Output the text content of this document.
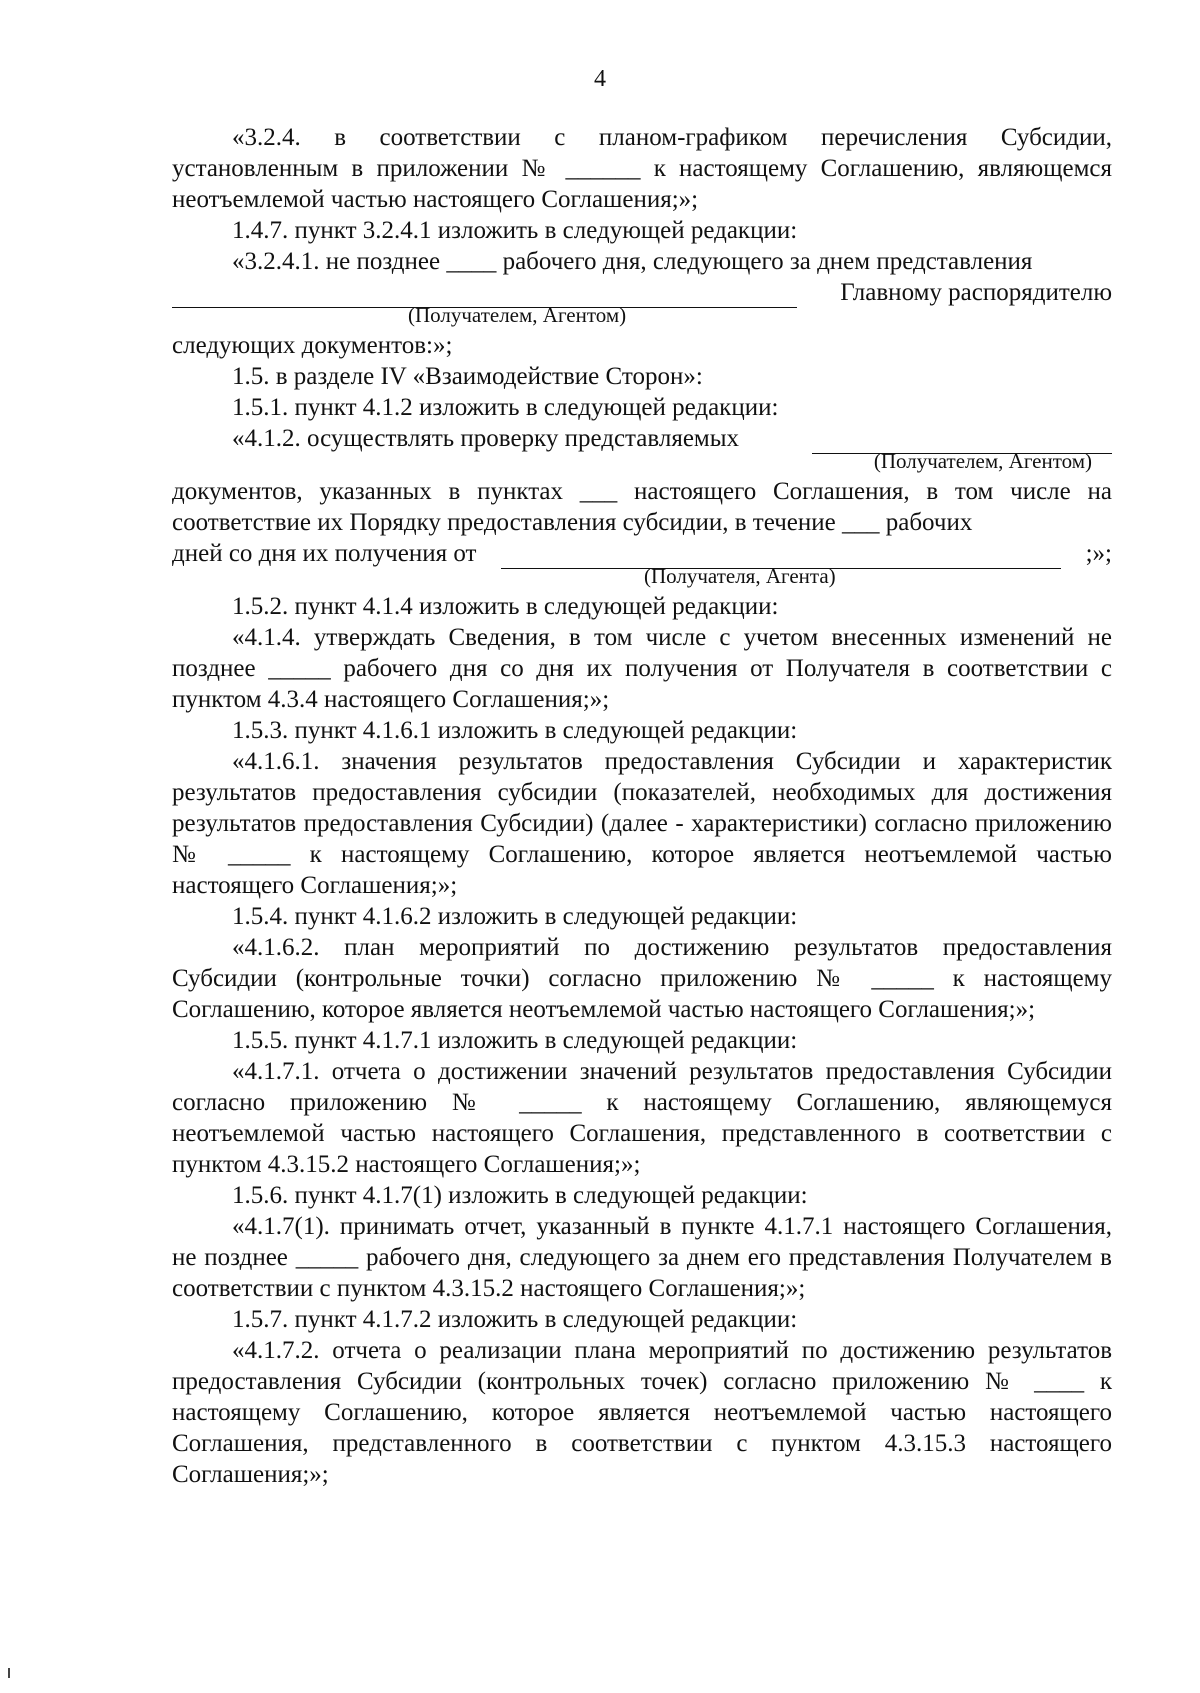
4

«3.2.4. в соответствии с планом-графиком перечисления Субсидии, установленным в приложении № ______ к настоящему Соглашению, являющемся неотъемлемой частью настоящего Соглашения;»;

1.4.7. пункт 3.2.4.1 изложить в следующей редакции:

«3.2.4.1. не позднее ____ рабочего дня, следующего за днем представления

Главному распорядителю
(Получателем, Агентом)

следующих документов:»;

1.5. в разделе IV «Взаимодействие Сторон»:

1.5.1. пункт 4.1.2 изложить в следующей редакции:

«4.1.2. осуществлять проверку представляемых
(Получателем, Агентом)

документов, указанных в пунктах ___ настоящего Соглашения, в том числе на соответствие их Порядку предоставления субсидии, в течение ___ рабочих

дней со дня их получения от	;»;
(Получателя, Агента)

1.5.2. пункт 4.1.4 изложить в следующей редакции:

«4.1.4. утверждать Сведения, в том числе с учетом внесенных изменений не позднее _____ рабочего дня со дня их получения от Получателя в соответствии с пунктом 4.3.4 настоящего Соглашения;»;

1.5.3. пункт 4.1.6.1 изложить в следующей редакции:

«4.1.6.1. значения результатов предоставления Субсидии и характеристик результатов предоставления субсидии (показателей, необходимых для достижения результатов предоставления Субсидии) (далее - характеристики) согласно приложению № _____ к настоящему Соглашению, которое является неотъемлемой частью настоящего Соглашения;»;

1.5.4. пункт 4.1.6.2 изложить в следующей редакции:

«4.1.6.2. план мероприятий по достижению результатов предоставления Субсидии (контрольные точки) согласно приложению № _____ к настоящему Соглашению, которое является неотъемлемой частью настоящего Соглашения;»;

1.5.5. пункт 4.1.7.1 изложить в следующей редакции:

«4.1.7.1. отчета о достижении значений результатов предоставления Субсидии согласно приложению № _____ к настоящему Соглашению, являющемуся неотъемлемой частью настоящего Соглашения, представленного в соответствии с пунктом 4.3.15.2 настоящего Соглашения;»;

1.5.6. пункт 4.1.7(1) изложить в следующей редакции:

«4.1.7(1). принимать отчет, указанный в пункте 4.1.7.1 настоящего Соглашения, не позднее _____ рабочего дня, следующего за днем его представления Получателем в соответствии с пунктом 4.3.15.2 настоящего Соглашения;»;

1.5.7. пункт 4.1.7.2 изложить в следующей редакции:

«4.1.7.2. отчета о реализации плана мероприятий по достижению результатов предоставления Субсидии (контрольных точек) согласно приложению № ____ к настоящему Соглашению, которое является неотъемлемой частью настоящего Соглашения, представленного в соответствии с пунктом 4.3.15.3 настоящего Соглашения;»;
